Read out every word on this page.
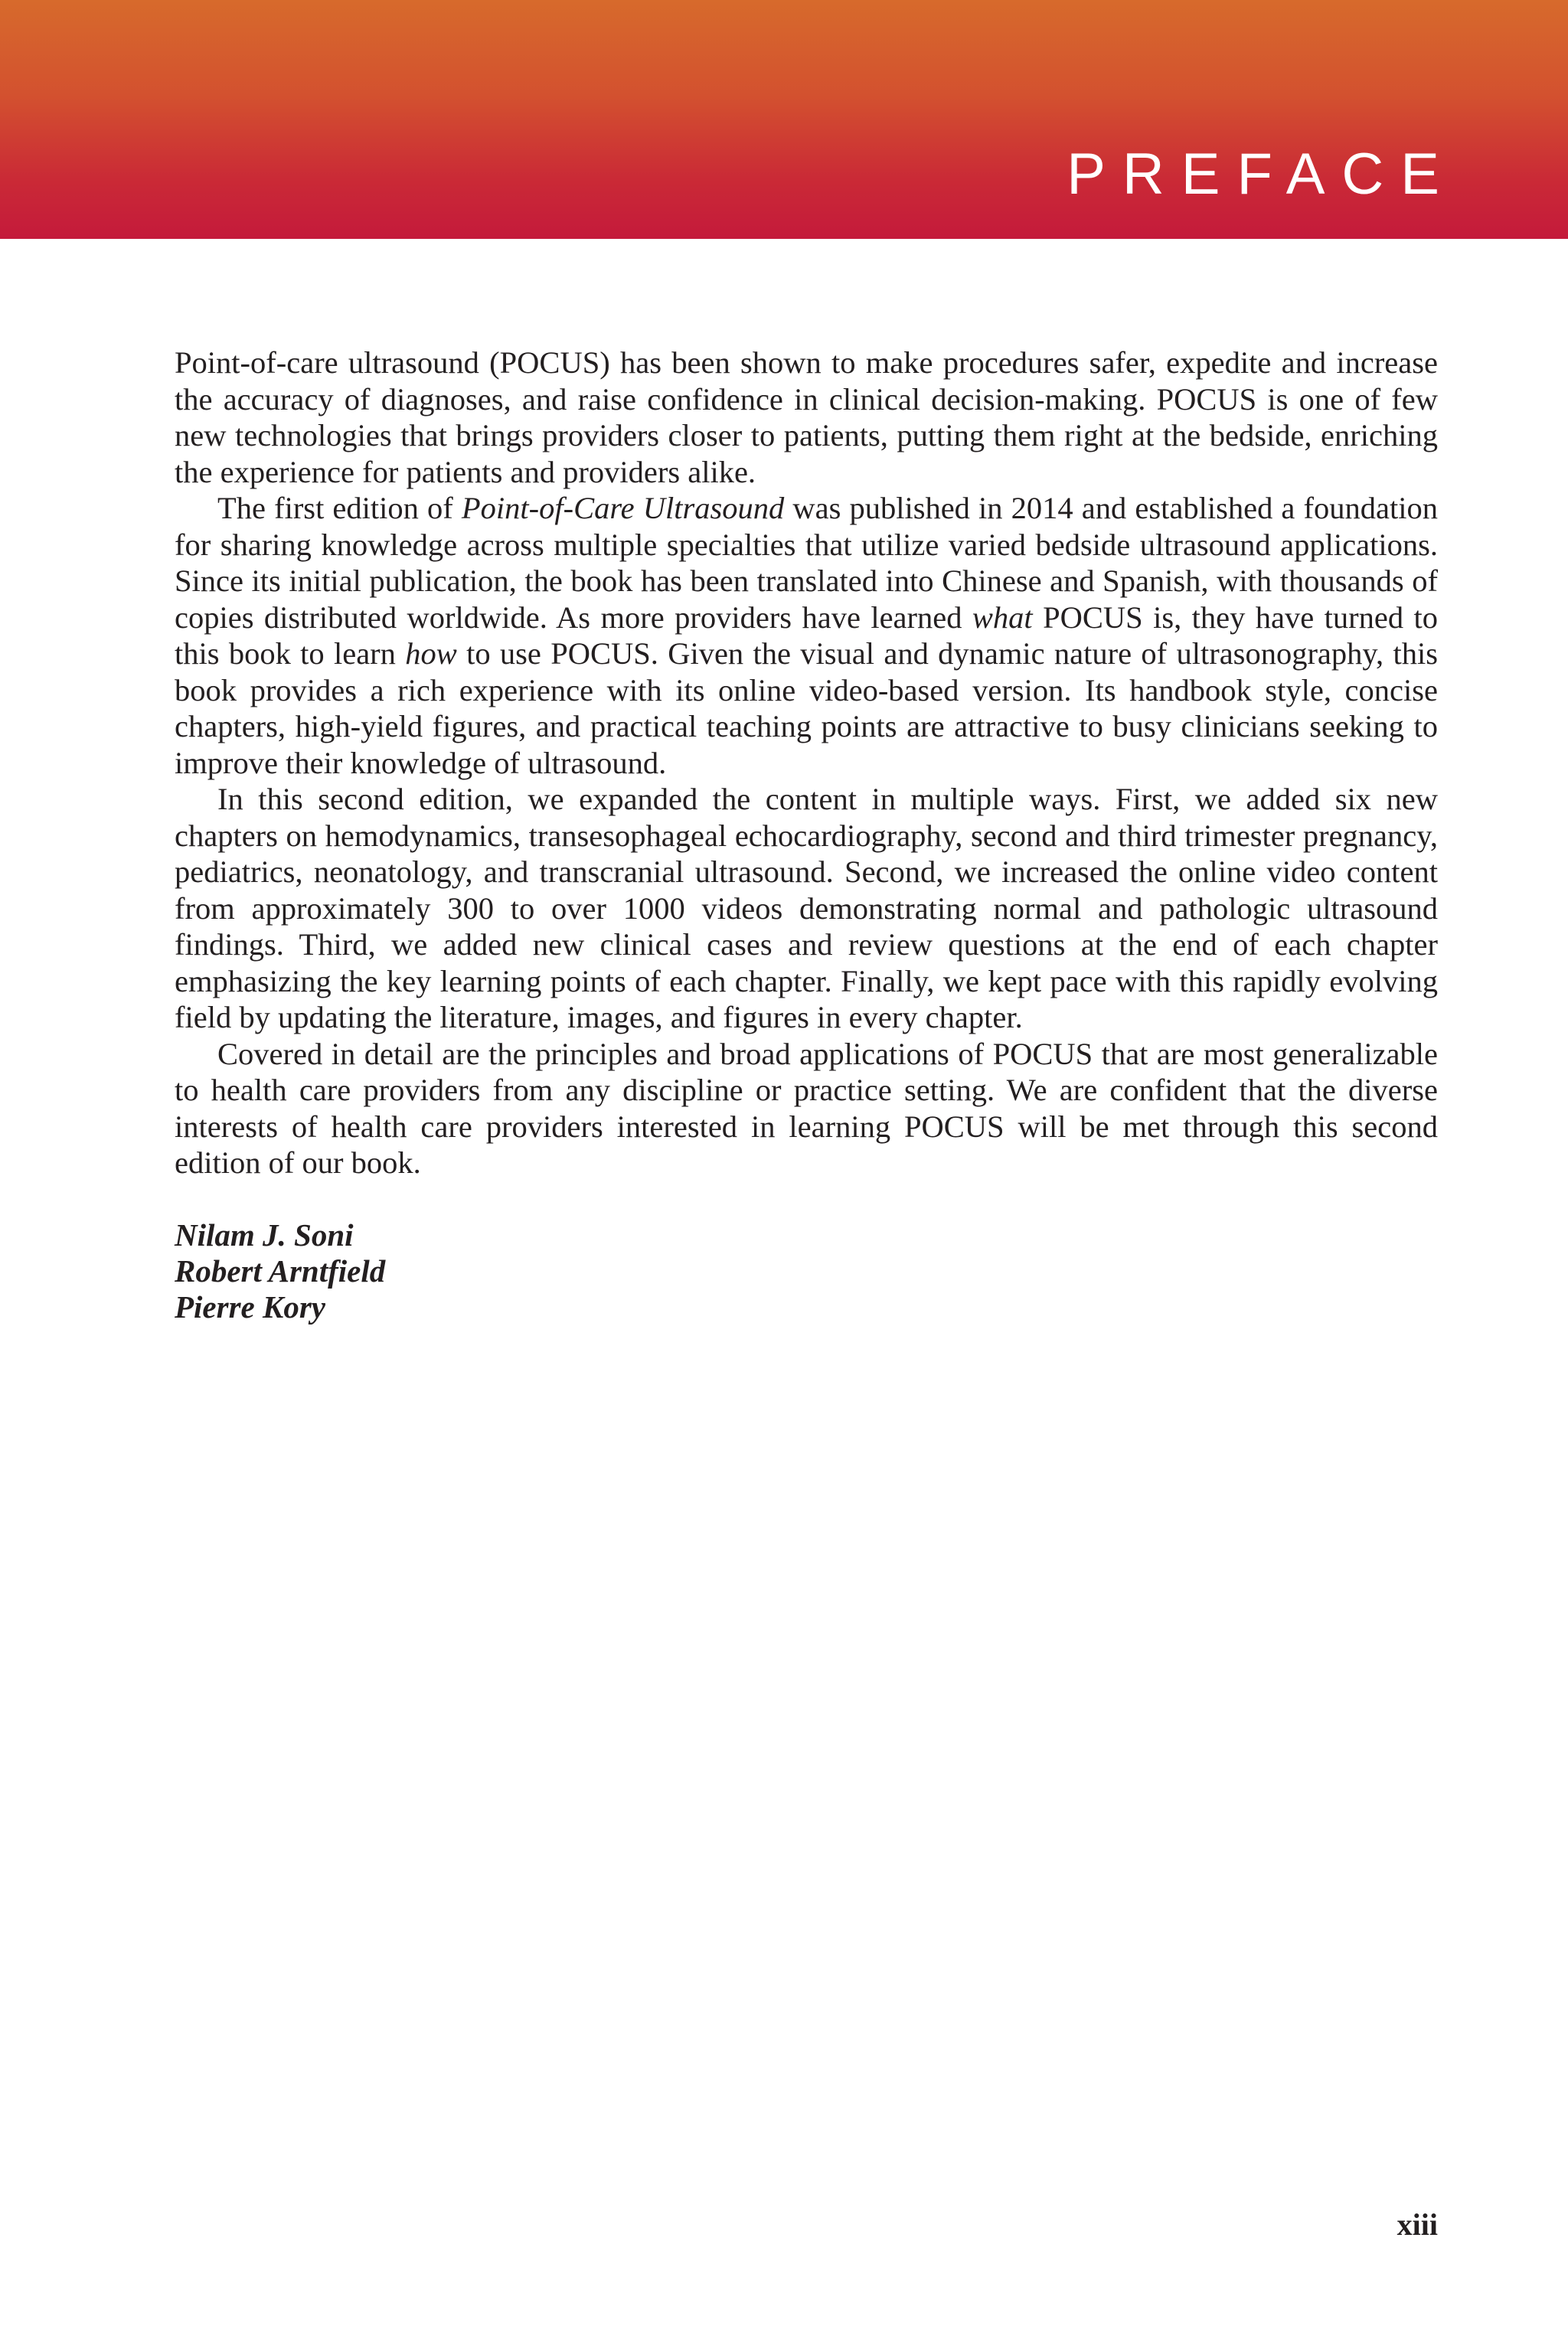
PREFACE

Point-of-care ultrasound (POCUS) has been shown to make procedures safer, expedite and increase the accuracy of diagnoses, and raise confidence in clinical decision-making. POCUS is one of few new technologies that brings providers closer to patients, putting them right at the bedside, enriching the experience for patients and providers alike.

The first edition of Point-of-Care Ultrasound was published in 2014 and established a foundation for sharing knowledge across multiple specialties that utilize varied bedside ultrasound applications. Since its initial publication, the book has been translated into Chinese and Spanish, with thousands of copies distributed worldwide. As more providers have learned what POCUS is, they have turned to this book to learn how to use POCUS. Given the visual and dynamic nature of ultrasonography, this book provides a rich experience with its online video-based version. Its handbook style, concise chapters, high-yield figures, and practical teaching points are attractive to busy clinicians seeking to improve their knowledge of ultrasound.

In this second edition, we expanded the content in multiple ways. First, we added six new chapters on hemodynamics, transesophageal echocardiography, second and third trimester pregnancy, pediatrics, neonatology, and transcranial ultrasound. Second, we increased the online video content from approximately 300 to over 1000 videos demonstrating normal and pathologic ultrasound findings. Third, we added new clinical cases and review questions at the end of each chapter emphasizing the key learning points of each chapter. Finally, we kept pace with this rapidly evolving field by updating the literature, images, and figures in every chapter.

Covered in detail are the principles and broad applications of POCUS that are most generalizable to health care providers from any discipline or practice setting. We are confident that the diverse interests of health care providers interested in learning POCUS will be met through this second edition of our book.

Nilam J. Soni
Robert Arntfield
Pierre Kory
xiii
